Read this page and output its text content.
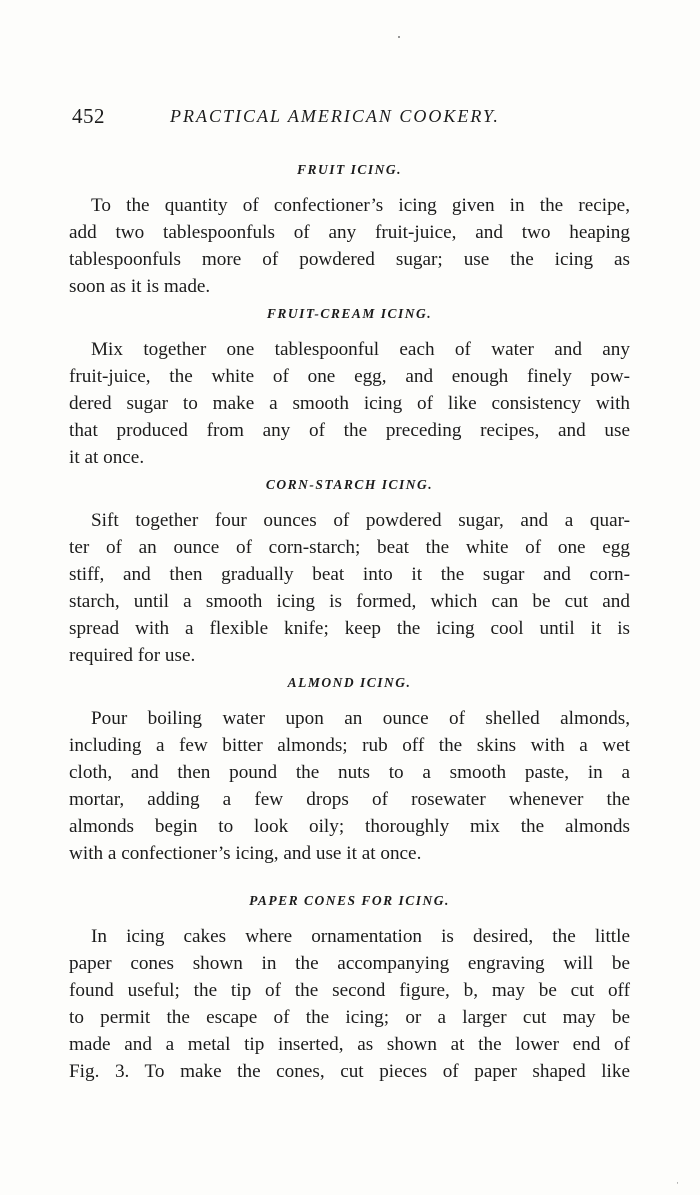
452	PRACTICAL AMERICAN COOKERY.
FRUIT ICING.

To the quantity of confectioner’s icing given in the recipe,
add two tablespoonfuls of any fruit-juice, and two heaping
tablespoonfuls more of powdered sugar; use the icing as
soon as it is made.

FRUIT-CREAM ICING.

Mix together one tablespoonful each of water and any
fruit-juice, the white of one egg, and enough finely pow-
dered sugar to make a smooth icing of like consistency with
that produced from any of the preceding recipes, and use
it at once.

CORN-STARCH ICING.

Sift together four ounces of powdered sugar, and a quar-
ter of an ounce of corn-starch; beat the white of one egg
stiff, and then gradually beat into it the sugar and corn-
starch, until a smooth icing is formed, which can be cut and
spread with a flexible knife; keep the icing cool until it is
required for use.

ALMOND ICING.

Pour boiling water upon an ounce of shelled almonds,
including a few bitter almonds; rub off the skins with a wet
cloth, and then pound the nuts to a smooth paste, in a
mortar, adding a few drops of rosewater whenever the
almonds begin to look oily; thoroughly mix the almonds
with a confectioner’s icing, and use it at once.

PAPER CONES FOR ICING.

In icing cakes where ornamentation is desired, the little
paper cones shown in the accompanying engraving will be
found useful; the tip of the second figure, b, may be cut off
to permit the escape of the icing; or a larger cut may be
made and a metal tip inserted, as shown at the lower end of
Fig. 3. To make the cones, cut pieces of paper shaped like

·
